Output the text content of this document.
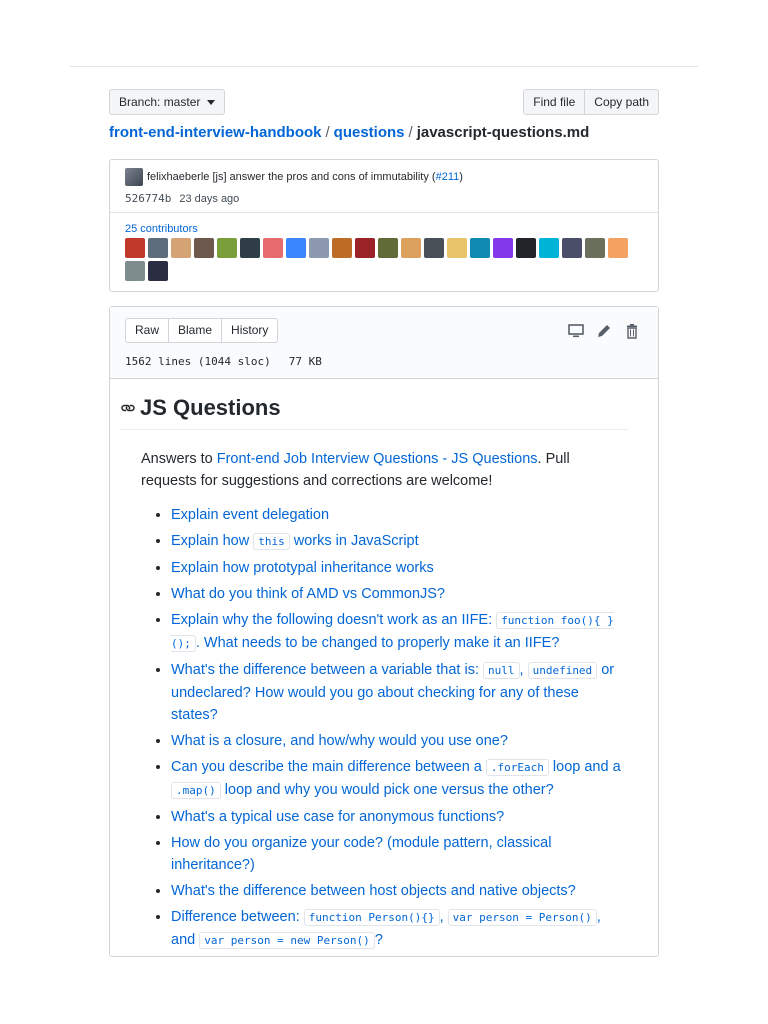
Branch: master	Find file	Copy path
front-end-interview-handbook / questions / javascript-questions.md
felixhaeberle
[js] answer the pros and cons of immutability ( #211 )
526774b 23 days ago
25 contributors
Raw	Blame	History
1562 lines (1044 sloc) 77 KB
JS Questions

Answers to Front-end Job Interview Questions - JS Questions. Pull requests for suggestions and corrections are welcome!

• Explain event delegation
• Explain how this works in JavaScript
• Explain how prototypal inheritance works
• What do you think of AMD vs CommonJS?
• Explain why the following doesn't work as an IIFE: function foo(){ }(); . What needs to be changed to properly make it an IIFE?
• What's the difference between a variable that is: null , undefined or undeclared? How would you go about checking for any of these states?
• What is a closure, and how/why would you use one?
• Can you describe the main difference between a .forEach loop and a .map() loop and why you would pick one versus the other?
• What's a typical use case for anonymous functions?
• How do you organize your code? (module pattern, classical inheritance?)
• What's the difference between host objects and native objects?
• Difference between: function Person(){} , var person = Person() , and var person = new Person() ?
